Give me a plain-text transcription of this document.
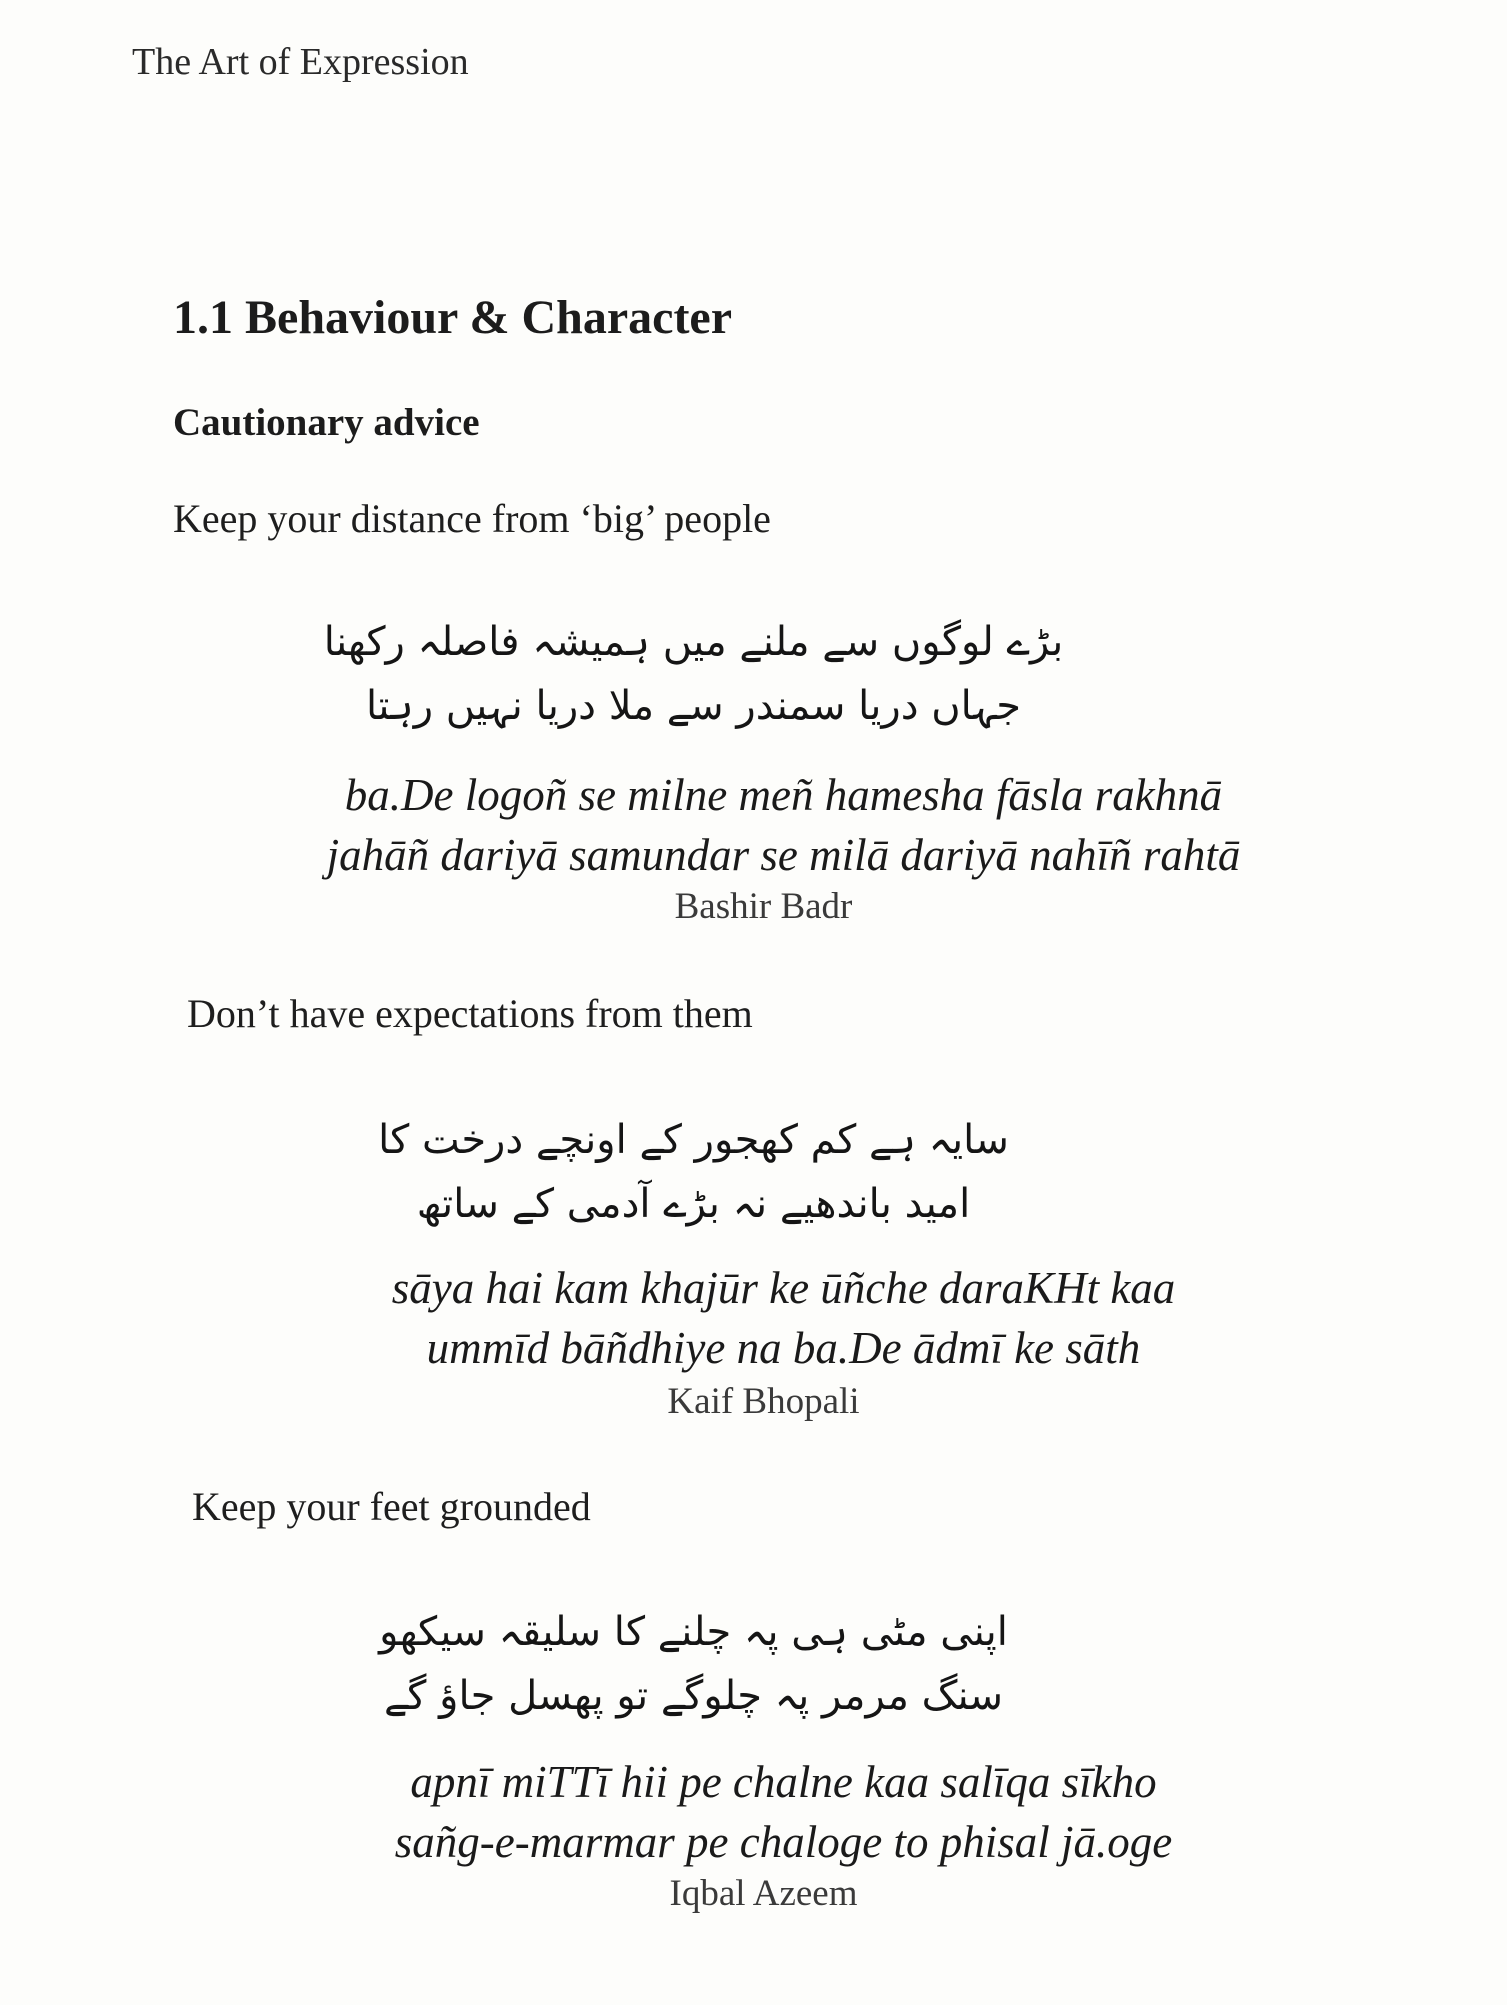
The Art of Expression
1.1 Behaviour & Character
Cautionary advice
Keep your distance from ‘big’ people
بڑے لوگوں سے ملنے میں ہمیشہ فاصلہ رکھنا
جہاں دریا سمندر سے ملا دریا نہیں رہتا
ba.De logoñ se milne meñ hamesha fāsla rakhnā
jahāñ dariyā samundar se milā dariyā nahīñ rahtā
Bashir Badr
Don’t have expectations from them
سایہ ہے کم کھجور کے اونچے درخت کا
امید باندھیے نہ بڑے آدمی کے ساتھ
sāya hai kam khajūr ke ūñche daraKHt kaa
ummīd bāñdhiye na ba.De ādmī ke sāth
Kaif Bhopali
Keep your feet grounded
اپنی مٹی ہی پہ چلنے کا سلیقہ سیکھو
سنگ مرمر پہ چلوگے تو پھسل جاؤ گے
apnī miTTī hii pe chalne kaa salīqa sīkho
sañg-e-marmar pe chaloge to phisal jā.oge
Iqbal Azeem
